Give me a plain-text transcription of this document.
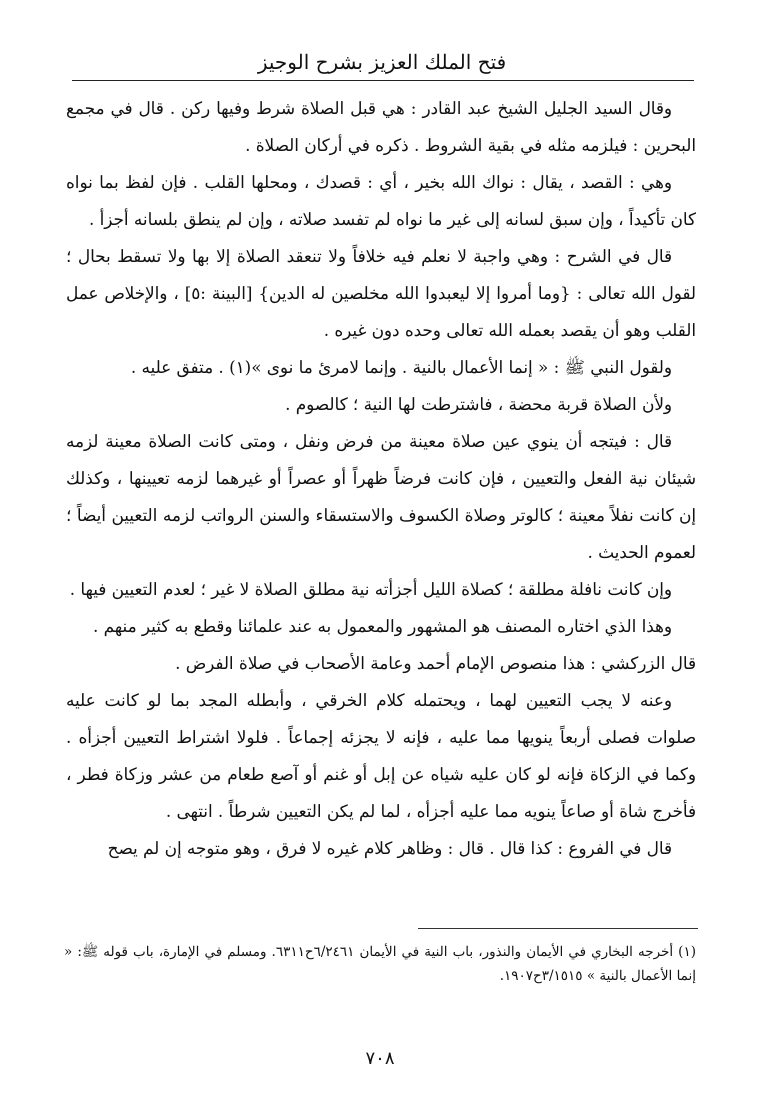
فتح الملك العزيز بشرح الوجيز

وقال السيد الجليل الشيخ عبد القادر : هي قبل الصلاة شرط وفيها ركن . قال في مجمع البحرين : فيلزمه مثله في بقية الشروط . ذكره في أركان الصلاة .

وهي : القصد ، يقال : نواك الله بخير ، أي : قصدك ، ومحلها القلب . فإن لفظ بما نواه كان تأكيداً ، وإن سبق لسانه إلى غير ما نواه لم تفسد صلاته ، وإن لم ينطق بلسانه أجزأ .

قال في الشرح : وهي واجبة لا نعلم فيه خلافاً ولا تنعقد الصلاة إلا بها ولا تسقط بحال ؛ لقول الله تعالى : {وما أمروا إلا ليعبدوا الله مخلصين له الدين} [البينة :٥] ، والإخلاص عمل القلب وهو أن يقصد بعمله الله تعالى وحده دون غيره .

ولقول النبي ﷺ : « إنما الأعمال بالنية . وإنما لامرئ ما نوى »(١) . متفق عليه .

ولأن الصلاة قربة محضة ، فاشترطت لها النية ؛ كالصوم .

قال : فيتجه أن ينوي عين صلاة معينة من فرض ونفل ، ومتى كانت الصلاة معينة لزمه شيئان نية الفعل والتعيين ، فإن كانت فرضاً ظهراً أو عصراً أو غيرهما لزمه تعيينها ، وكذلك إن كانت نفلاً معينة ؛ كالوتر وصلاة الكسوف والاستسقاء والسنن الرواتب لزمه التعيين أيضاً ؛ لعموم الحديث .

وإن كانت نافلة مطلقة ؛ كصلاة الليل أجزأته نية مطلق الصلاة لا غير ؛ لعدم التعيين فيها .

وهذا الذي اختاره المصنف هو المشهور والمعمول به عند علمائنا وقطع به كثير منهم .

قال الزركشي : هذا منصوص الإمام أحمد وعامة الأصحاب في صلاة الفرض .

وعنه لا يجب التعيين لهما ، ويحتمله كلام الخرقي ، وأبطله المجد بما لو كانت عليه صلوات فصلى أربعاً ينويها مما عليه ، فإنه لا يجزئه إجماعاً . فلولا اشتراط التعيين أجزأه . وكما في الزكاة فإنه لو كان عليه شياه عن إبل أو غنم أو آصع طعام من عشر وزكاة فطر ، فأخرج شاة أو صاعاً ينويه مما عليه أجزأه ، لما لم يكن التعيين شرطاً . انتهى .

قال في الفروع : كذا قال . قال : وظاهر كلام غيره لا فرق ، وهو متوجه إن لم يصح

(١) أخرجه البخاري في الأيمان والنذور، باب النية في الأيمان ٦/٢٤٦١ح٦٣١١. ومسلم في الإمارة، باب قوله ﷺ: « إنما الأعمال بالنية » ٣/١٥١٥ح١٩٠٧.
٧٠٨
